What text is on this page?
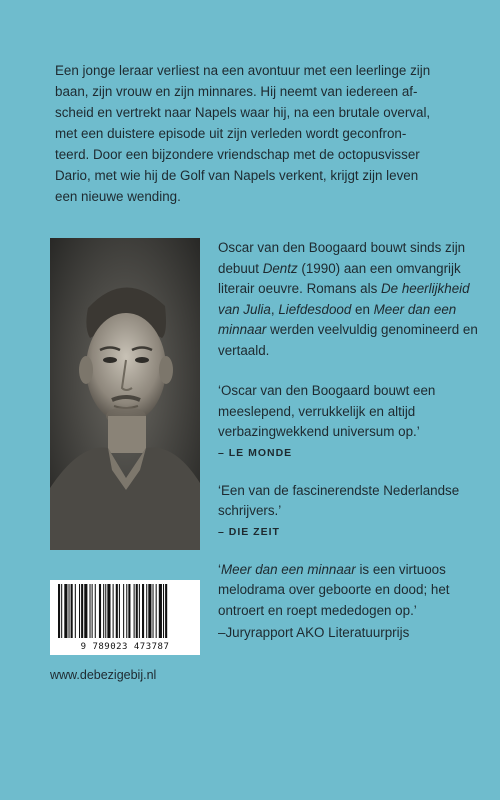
Een jonge leraar verliest na een avontuur met een leerlinge zijn
baan, zijn vrouw en zijn minnares. Hij neemt van iedereen af-
scheid en vertrekt naar Napels waar hij, na een brutale overval,
met een duistere episode uit zijn verleden wordt geconfron-
teerd. Door een bijzondere vriendschap met de octopusvisser
Dario, met wie hij de Golf van Napels verkent, krijgt zijn leven
een nieuwe wending.

Oscar van den Boogaard bouwt sinds zijn debuut Dentz (1990) aan een omvangrijk literair oeuvre. Romans als De heerlijkheid van Julia, Liefdesdood en Meer dan een minnaar werden veelvuldig genomineerd en vertaald.

‘Oscar van den Boogaard bouwt een meeslepend, verrukkelijk en altijd verbazingwekkend universum op.’

– LE MONDE

‘Een van de fascinerendste Nederlandse schrijvers.’

– DIE ZEIT

‘Meer dan een minnaar is een virtuoos melodrama over geboorte en dood; het ontroert en roept mededogen op.’

–Juryrapport AKO Literatuurprijs

9 789023 473787
www.debezigebij.nl
